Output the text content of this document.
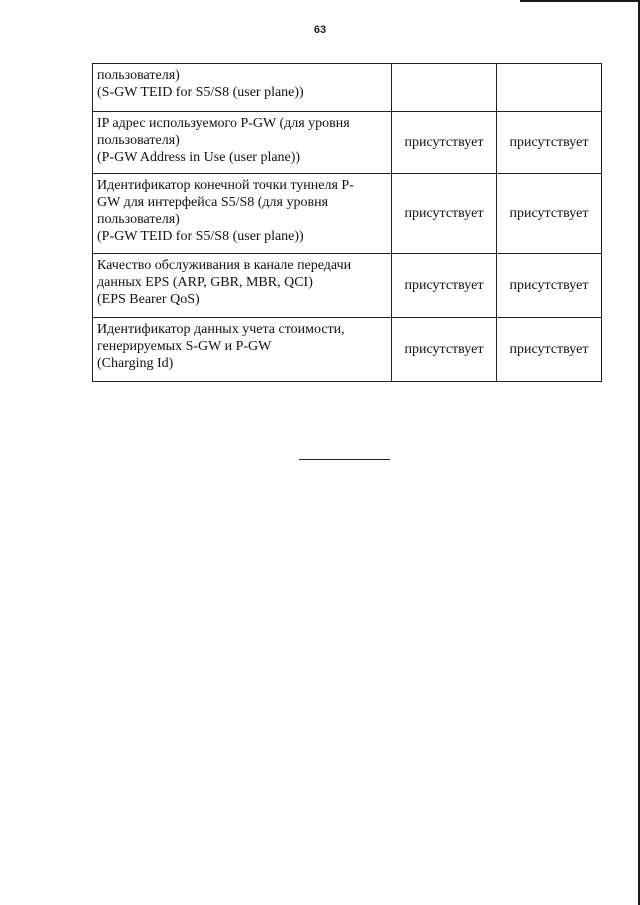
63
пользователя)
(S-GW TEID for S5/S8 (user plane))		

IP адрес используемого P-GW (для уровня
пользователя)
(P-GW Address in Use (user plane))	присутствует	присутствует

Идентификатор конечной точки туннеля P-
GW для интерфейса S5/S8 (для уровня
пользователя)
(P-GW TEID for S5/S8 (user plane))	присутствует	присутствует

Качество обслуживания в канале передачи
данных EPS (ARP, GBR, MBR, QCI)
(EPS Bearer QoS)	присутствует	присутствует

Идентификатор данных учета стоимости,
генерируемых S-GW и P-GW
(Charging Id)	присутствует	присутствует
